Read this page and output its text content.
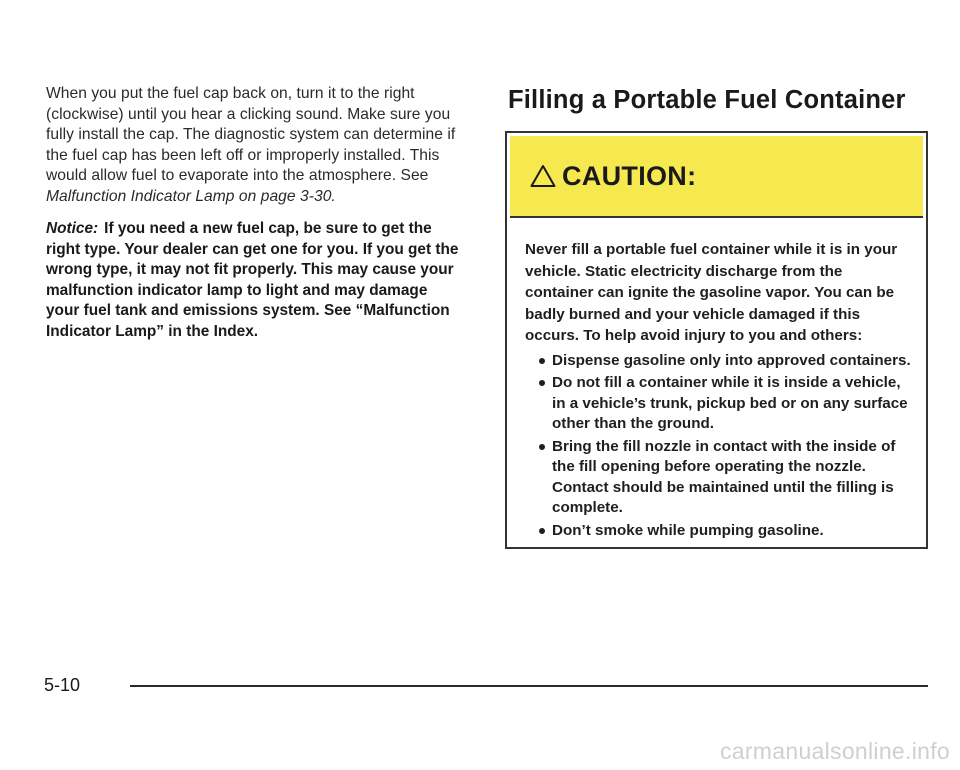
When you put the fuel cap back on, turn it to the right (clockwise) until you hear a clicking sound. Make sure you fully install the cap. The diagnostic system can determine if the fuel cap has been left off or improperly installed. This would allow fuel to evaporate into the atmosphere. See Malfunction Indicator Lamp on page 3-30.

Notice: If you need a new fuel cap, be sure to get the right type. Your dealer can get one for you. If you get the wrong type, it may not fit properly. This may cause your malfunction indicator lamp to light and may damage your fuel tank and emissions system. See “Malfunction Indicator Lamp” in the Index.

Filling a Portable Fuel Container
CAUTION:

Never fill a portable fuel container while it is in your vehicle. Static electricity discharge from the container can ignite the gasoline vapor. You can be badly burned and your vehicle damaged if this occurs. To help avoid injury to you and others:

Dispense gasoline only into approved containers.
Do not fill a container while it is inside a vehicle, in a vehicle’s trunk, pickup bed or on any surface other than the ground.
Bring the fill nozzle in contact with the inside of the fill opening before operating the nozzle. Contact should be maintained until the filling is complete.
Don’t smoke while pumping gasoline.
5-10
carmanualsonline.info
